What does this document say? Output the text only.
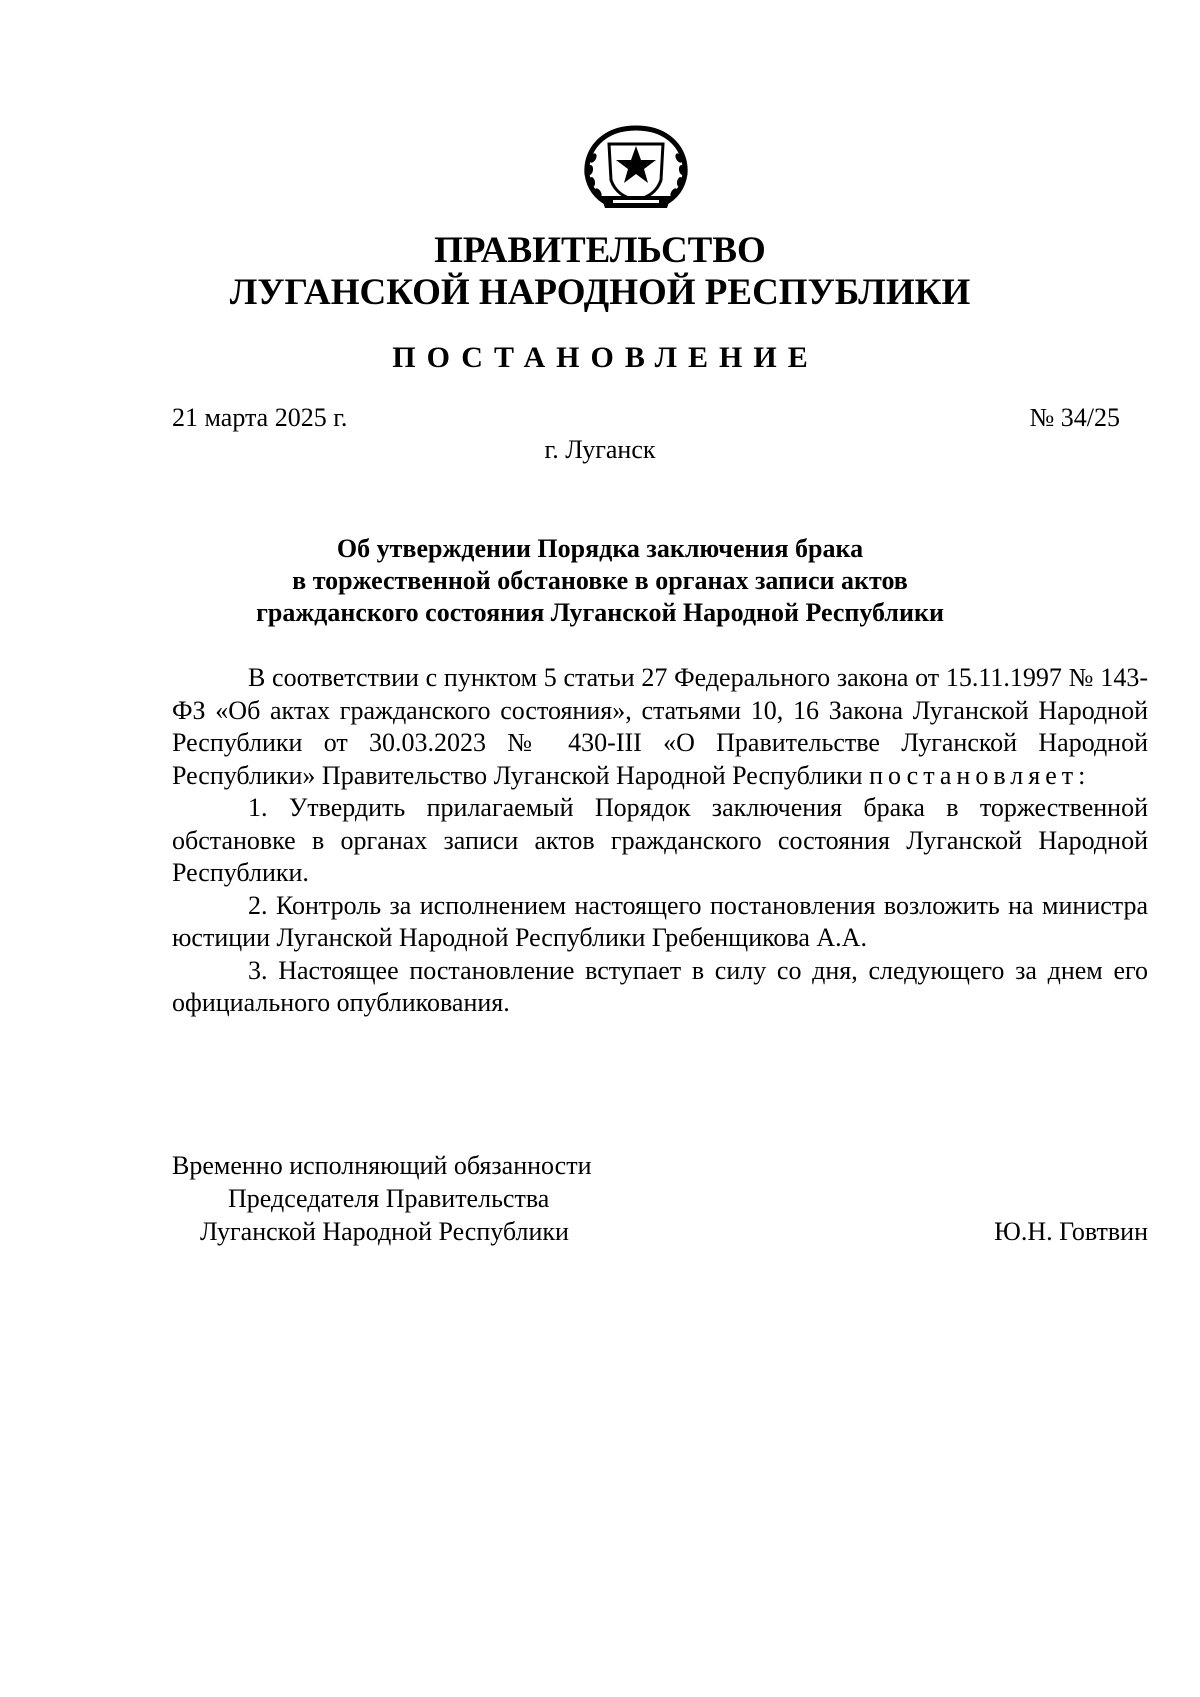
ПРАВИТЕЛЬСТВО
ЛУГАНСКОЙ НАРОДНОЙ РЕСПУБЛИКИ
ПОСТАНОВЛЕНИЕ
21 марта 2025 г.	№ 34/25
г. Луганск
Об утверждении Порядка заключения брака
в торжественной обстановке в органах записи актов
гражданского состояния Луганской Народной Республики

В соответствии с пунктом 5 статьи 27 Федерального закона от 15.11.1997 № 143-ФЗ «Об актах гражданского состояния», статьями 10, 16 Закона Луганской Народной Республики от 30.03.2023 № 430-III «О Правительстве Луганской Народной Республики» Правительство Луганской Народной Республики постановляет:

1. Утвердить прилагаемый Порядок заключения брака в торжественной обстановке в органах записи актов гражданского состояния Луганской Народной Республики.

2. Контроль за исполнением настоящего постановления возложить на министра юстиции Луганской Народной Республики Гребенщикова А.А.

3. Настоящее постановление вступает в силу со дня, следующего за днем его официального опубликования.

Временно исполняющий обязанности
Председателя Правительства
Луганской Народной Республики	Ю.Н. Говтвин
